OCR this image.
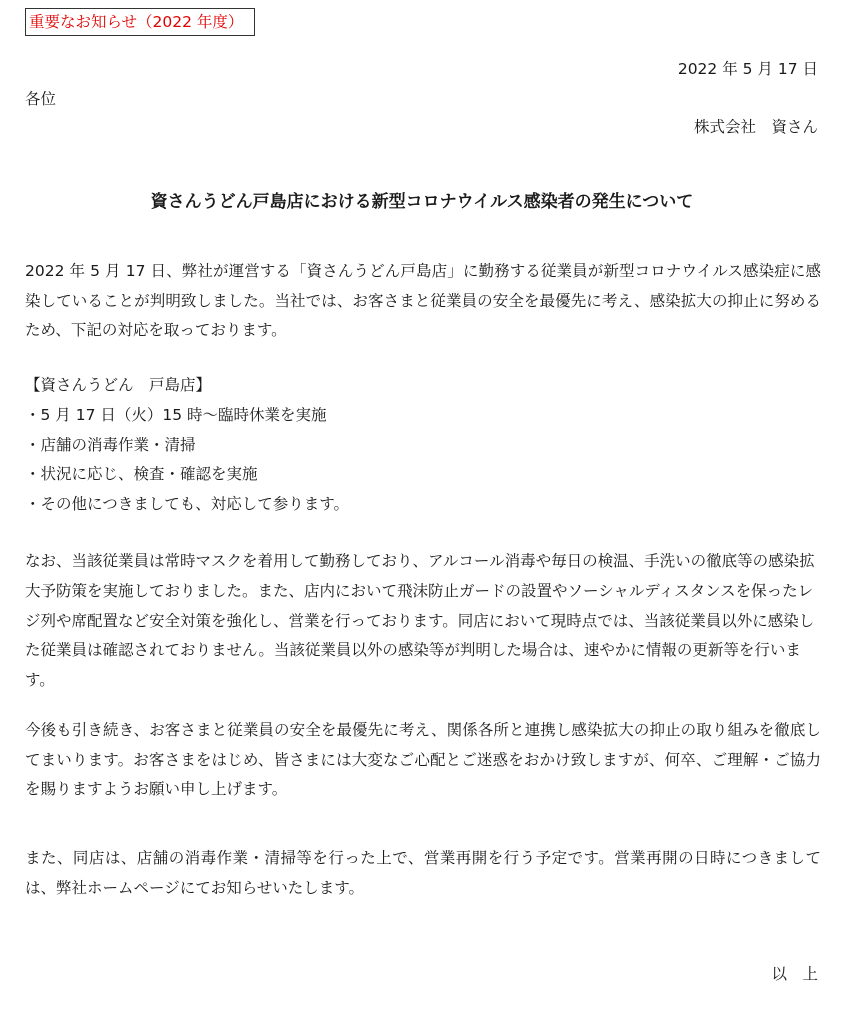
重要なお知らせ（2022 年度）
2022 年 5 月 17 日
各位
株式会社　資さん
資さんうどん戸島店における新型コロナウイルス感染者の発生について

2022 年 5 月 17 日、弊社が運営する「資さんうどん戸島店」に勤務する従業員が新型コロナウイルス感染症に感染していることが判明致しました。当社では、お客さまと従業員の安全を最優先に考え、感染拡大の抑止に努めるため、下記の対応を取っております。

【資さんうどん　戸島店】
・5 月 17 日（火）15 時〜臨時休業を実施
・店舗の消毒作業・清掃
・状況に応じ、検査・確認を実施
・その他につきましても、対応して参ります。

なお、当該従業員は常時マスクを着用して勤務しており、アルコール消毒や毎日の検温、手洗いの徹底等の感染拡大予防策を実施しておりました。また、店内において飛沫防止ガードの設置やソーシャルディスタンスを保ったレジ列や席配置など安全対策を強化し、営業を行っております。同店において現時点では、当該従業員以外に感染した従業員は確認されておりません。当該従業員以外の感染等が判明した場合は、速やかに情報の更新等を行います。

今後も引き続き、お客さまと従業員の安全を最優先に考え、関係各所と連携し感染拡大の抑止の取り組みを徹底してまいります。お客さまをはじめ、皆さまには大変なご心配とご迷惑をおかけ致しますが、何卒、ご理解・ご協力を賜りますようお願い申し上げます。

また、同店は、店舗の消毒作業・清掃等を行った上で、営業再開を行う予定です。営業再開の日時につきましては、弊社ホームページにてお知らせいたします。

以　上
